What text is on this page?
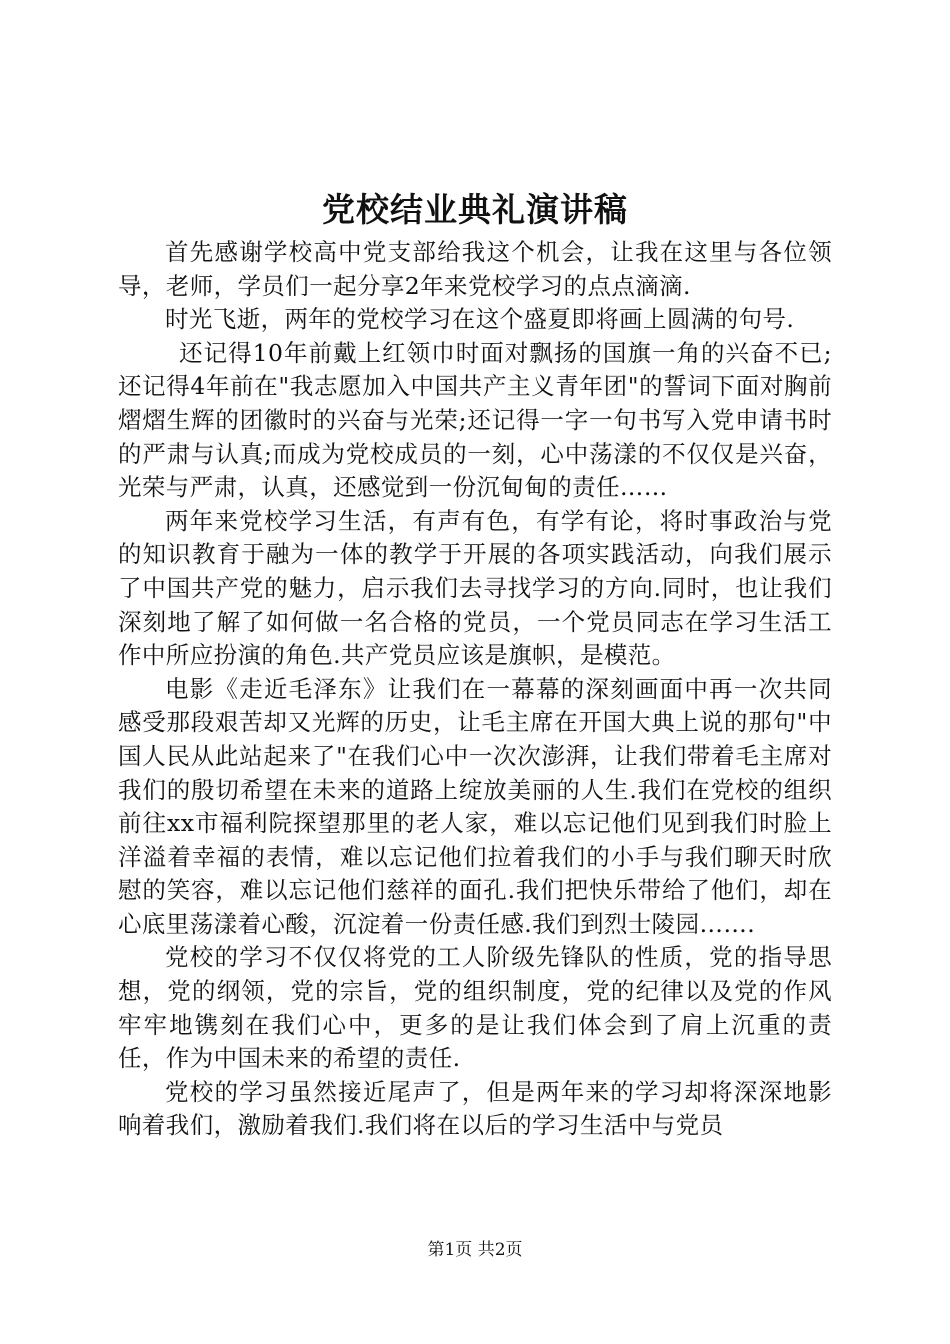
党校结业典礼演讲稿

首先感谢学校高中党支部给我这个机会，让我在这里与各位领导，老师，学员们一起分享2年来党校学习的点点滴滴.

时光飞逝，两年的党校学习在这个盛夏即将画上圆满的句号.

还记得10年前戴上红领巾时面对飘扬的国旗一角的兴奋不已;还记得4年前在"我志愿加入中国共产主义青年团"的誓词下面对胸前熠熠生辉的团徽时的兴奋与光荣;还记得一字一句书写入党申请书时的严肃与认真;而成为党校成员的一刻，心中荡漾的不仅仅是兴奋，光荣与严肃，认真，还感觉到一份沉甸甸的责任……

两年来党校学习生活，有声有色，有学有论，将时事政治与党的知识教育于融为一体的教学于开展的各项实践活动，向我们展示了中国共产党的魅力，启示我们去寻找学习的方向.同时，也让我们深刻地了解了如何做一名合格的党员，一个党员同志在学习生活工作中所应扮演的角色.共产党员应该是旗帜，是模范。

电影《走近毛泽东》让我们在一幕幕的深刻画面中再一次共同感受那段艰苦却又光辉的历史，让毛主席在开国大典上说的那句"中国人民从此站起来了"在我们心中一次次澎湃，让我们带着毛主席对我们的殷切希望在未来的道路上绽放美丽的人生.我们在党校的组织前往xx市福利院探望那里的老人家，难以忘记他们见到我们时脸上洋溢着幸福的表情，难以忘记他们拉着我们的小手与我们聊天时欣慰的笑容，难以忘记他们慈祥的面孔.我们把快乐带给了他们，却在心底里荡漾着心酸，沉淀着一份责任感.我们到烈士陵园…….

党校的学习不仅仅将党的工人阶级先锋队的性质，党的指导思想，党的纲领，党的宗旨，党的组织制度，党的纪律以及党的作风牢牢地镌刻在我们心中，更多的是让我们体会到了肩上沉重的责任，作为中国未来的希望的责任.

党校的学习虽然接近尾声了，但是两年来的学习却将深深地影响着我们，激励着我们.我们将在以后的学习生活中与党员

第1页 共2页
